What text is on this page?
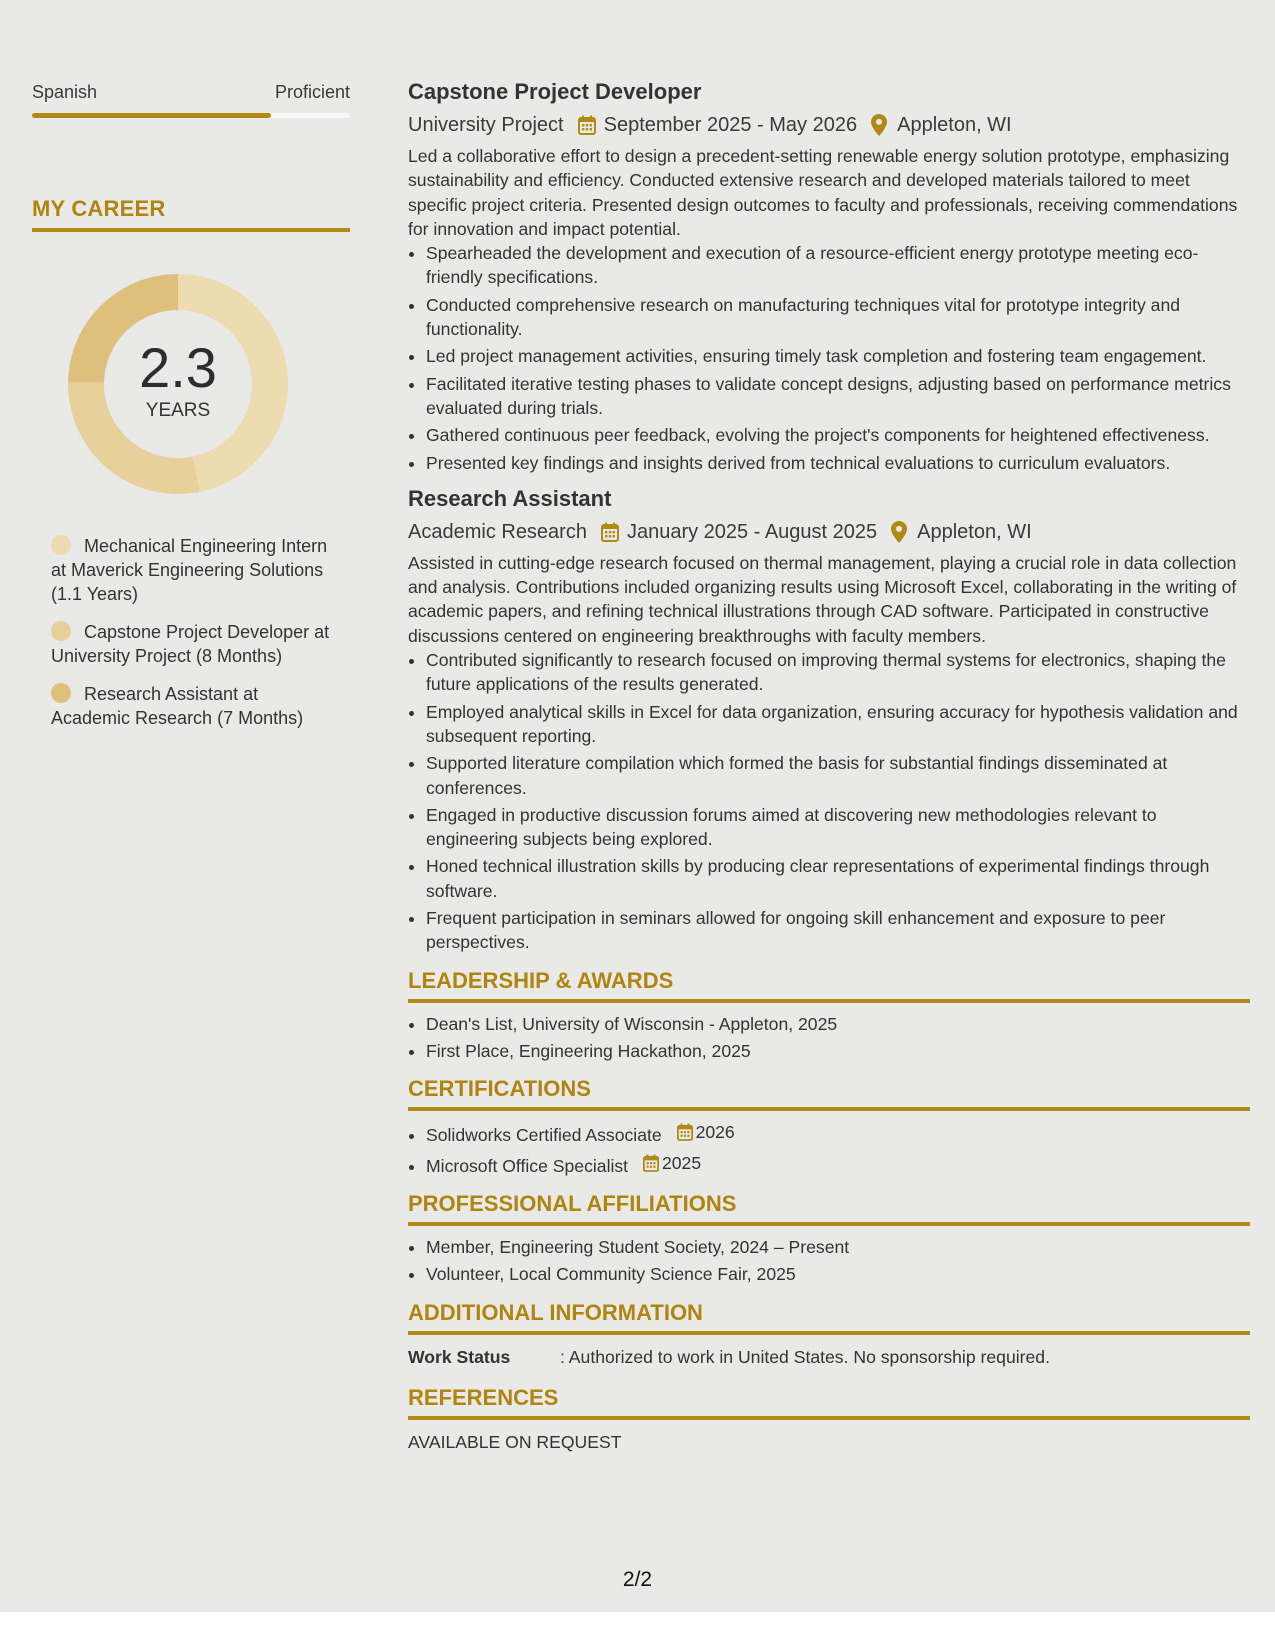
Spanish	Proficient
MY CAREER
2.3
YEARS
Mechanical Engineering Intern at Maverick Engineering Solutions (1.1 Years)
Capstone Project Developer at University Project (8 Months)
Research Assistant at Academic Research (7 Months)
Capstone Project Developer
University Project September 2025 - May 2026 Appleton, WI

Led a collaborative effort to design a precedent-setting renewable energy solution prototype, emphasizing sustainability and efficiency. Conducted extensive research and developed materials tailored to meet specific project criteria. Presented design outcomes to faculty and professionals, receiving commendations for innovation and impact potential.

• Spearheaded the development and execution of a resource-efficient energy prototype meeting eco-friendly specifications.
• Conducted comprehensive research on manufacturing techniques vital for prototype integrity and functionality.
• Led project management activities, ensuring timely task completion and fostering team engagement.
• Facilitated iterative testing phases to validate concept designs, adjusting based on performance metrics evaluated during trials.
• Gathered continuous peer feedback, evolving the project's components for heightened effectiveness.
• Presented key findings and insights derived from technical evaluations to curriculum evaluators.
Research Assistant
Academic Research January 2025 - August 2025 Appleton, WI

Assisted in cutting-edge research focused on thermal management, playing a crucial role in data collection and analysis. Contributions included organizing results using Microsoft Excel, collaborating in the writing of academic papers, and refining technical illustrations through CAD software. Participated in constructive discussions centered on engineering breakthroughs with faculty members.

• Contributed significantly to research focused on improving thermal systems for electronics, shaping the future applications of the results generated.
• Employed analytical skills in Excel for data organization, ensuring accuracy for hypothesis validation and subsequent reporting.
• Supported literature compilation which formed the basis for substantial findings disseminated at conferences.
• Engaged in productive discussion forums aimed at discovering new methodologies relevant to engineering subjects being explored.
• Honed technical illustration skills by producing clear representations of experimental findings through software.
• Frequent participation in seminars allowed for ongoing skill enhancement and exposure to peer perspectives.
LEADERSHIP & AWARDS
• Dean's List, University of Wisconsin - Appleton, 2025
• First Place, Engineering Hackathon, 2025
CERTIFICATIONS
• Solidworks Certified Associate 2026
• Microsoft Office Specialist 2025
PROFESSIONAL AFFILIATIONS
• Member, Engineering Student Society, 2024 – Present
• Volunteer, Local Community Science Fair, 2025
ADDITIONAL INFORMATION
Work Status	: Authorized to work in United States. No sponsorship required.
REFERENCES
AVAILABLE ON REQUEST
2/2
